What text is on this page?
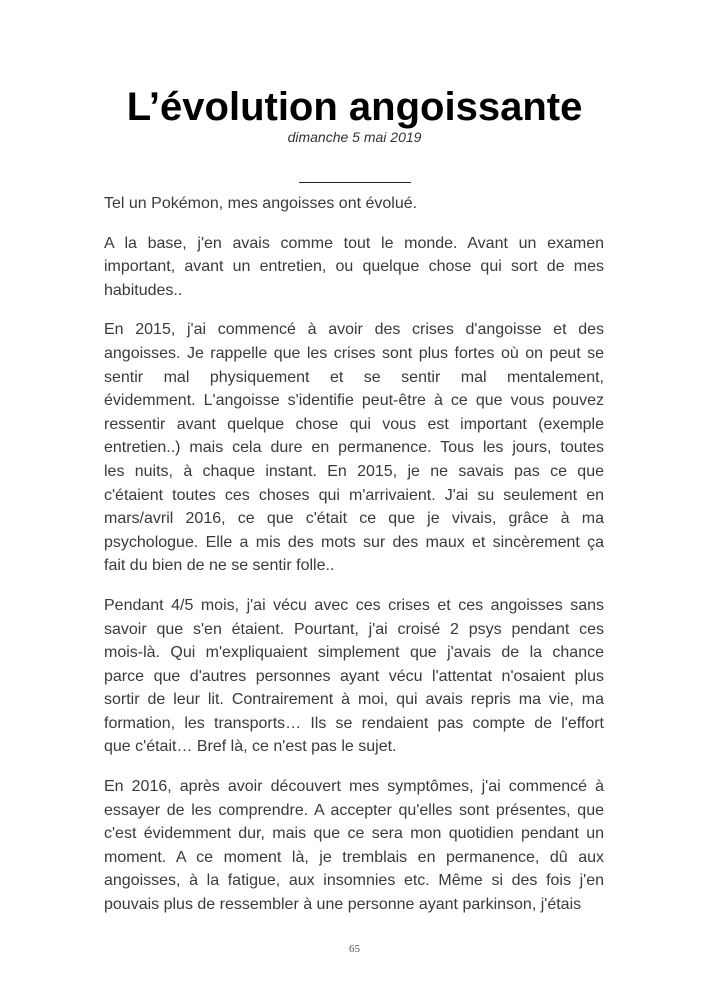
L’évolution angoissante
dimanche 5 mai 2019
______________

Tel un Pokémon, mes angoisses ont évolué.

A la base, j'en avais comme tout le monde. Avant un examen
important, avant un entretien, ou quelque chose qui sort de mes
habitudes..

En 2015, j'ai commencé à avoir des crises d'angoisse et des
angoisses. Je rappelle que les crises sont plus fortes où on peut se
sentir mal physiquement et se sentir mal mentalement,
évidemment. L'angoisse s'identifie peut-être à ce que vous pouvez
ressentir avant quelque chose qui vous est important (exemple
entretien..) mais cela dure en permanence. Tous les jours, toutes
les nuits, à chaque instant. En 2015, je ne savais pas ce que
c'étaient toutes ces choses qui m'arrivaient. J'ai su seulement en
mars/avril 2016, ce que c'était ce que je vivais, grâce à ma
psychologue. Elle a mis des mots sur des maux et sincèrement ça
fait du bien de ne se sentir folle..

Pendant 4/5 mois, j'ai vécu avec ces crises et ces angoisses sans
savoir que s'en étaient. Pourtant, j'ai croisé 2 psys pendant ces
mois-là. Qui m'expliquaient simplement que j'avais de la chance
parce que d'autres personnes ayant vécu l'attentat n'osaient plus
sortir de leur lit. Contrairement à moi, qui avais repris ma vie, ma
formation, les transports… Ils se rendaient pas compte de l'effort
que c'était… Bref là, ce n'est pas le sujet.

En 2016, après avoir découvert mes symptômes, j'ai commencé à
essayer de les comprendre. A accepter qu'elles sont présentes, que
c'est évidemment dur, mais que ce sera mon quotidien pendant un
moment. A ce moment là, je tremblais en permanence, dû aux
angoisses, à la fatigue, aux insomnies etc. Même si des fois j'en
pouvais plus de ressembler à une personne ayant parkinson, j'étais

65
